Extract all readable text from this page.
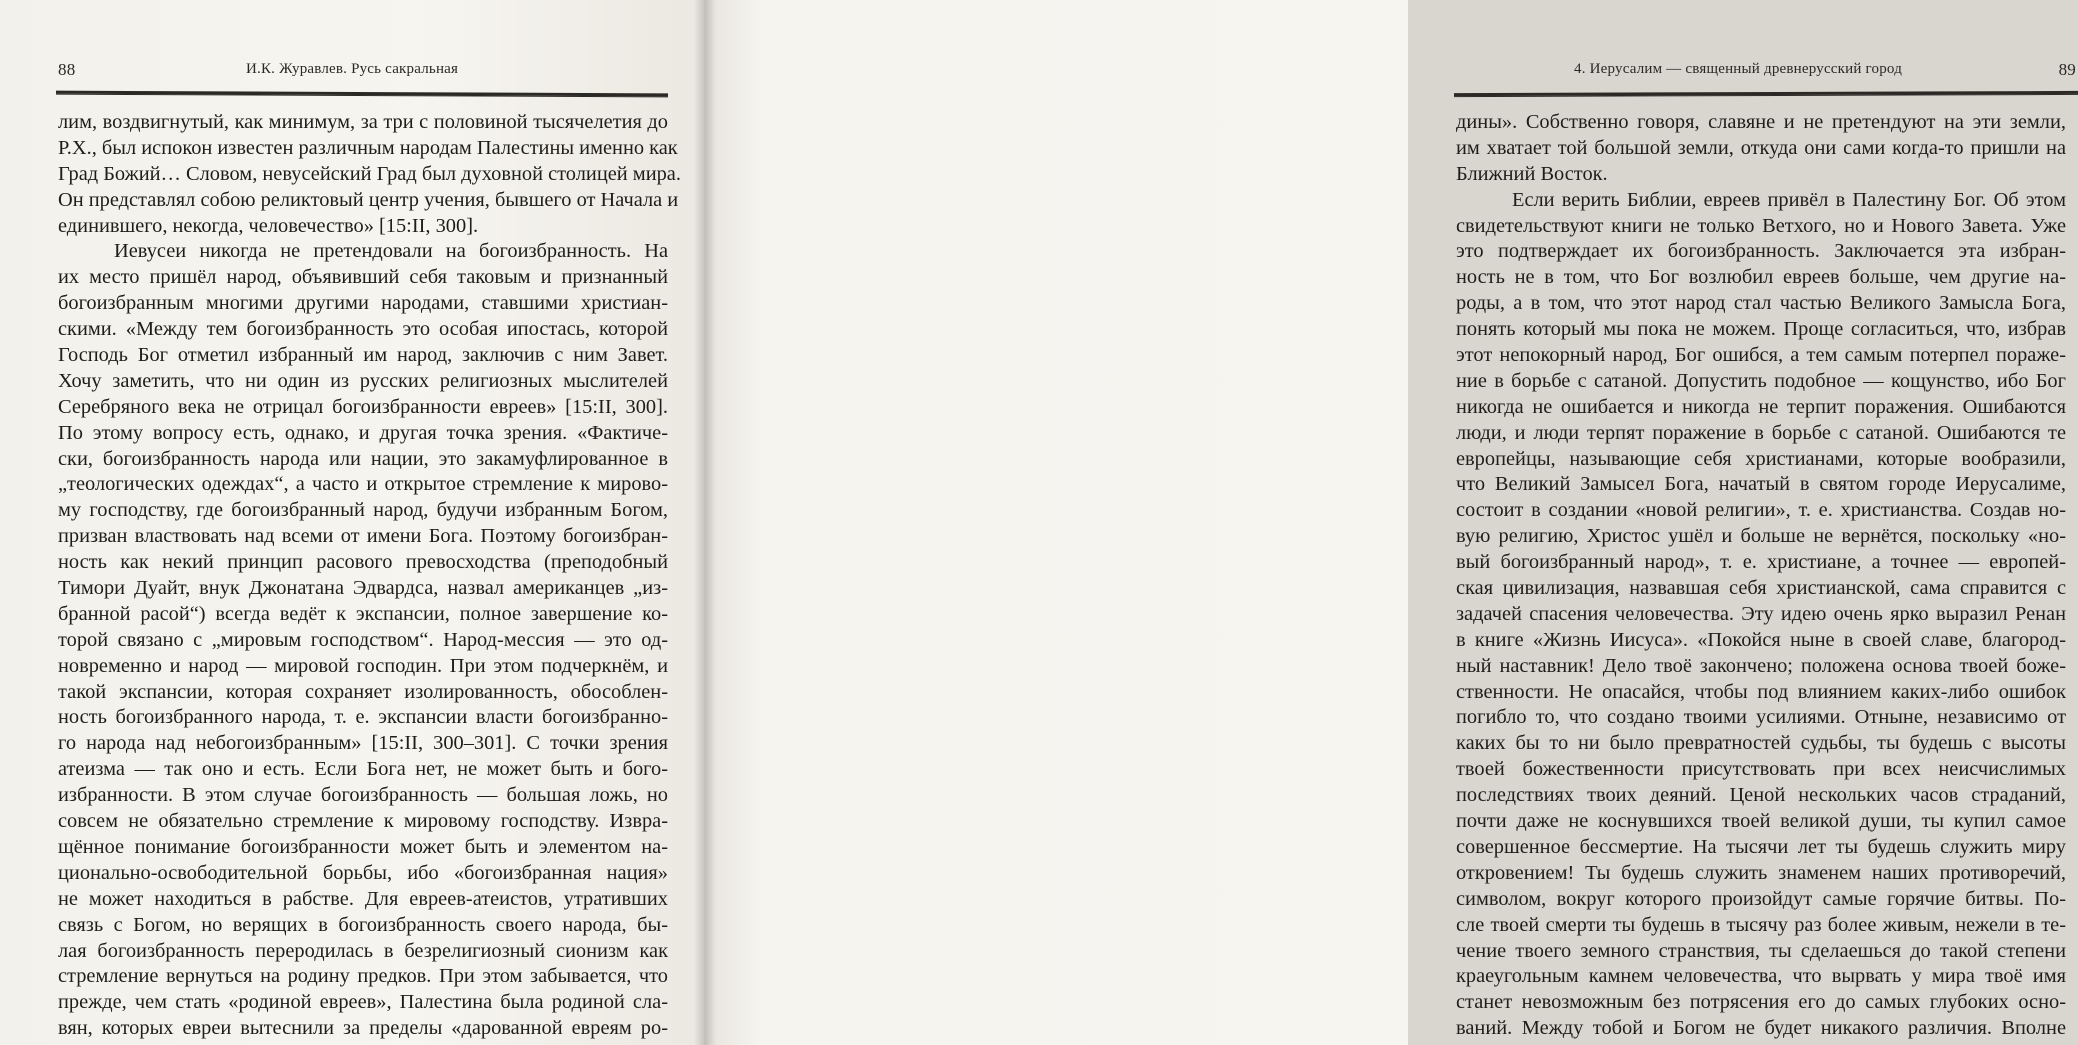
88	И.К. Журавлев. Русь сакральная
лим, воздвигнутый, как минимум, за три с половиной тысячелетия до
Р.Х., был испокон известен различным народам Палестины именно как
Град Божий… Словом, невусейский Град был духовной столицей мира.
Он представлял собою реликтовый центр учения, бывшего от Начала и
единившего, некогда, человечество» [15:II, 300].
Иевусеи никогда не претендовали на богоизбранность. На
их место пришёл народ, объявивший себя таковым и признанный
богоизбранным многими другими народами, ставшими христиан-
скими. «Между тем богоизбранность это особая ипостась, которой
Господь Бог отметил избранный им народ, заключив с ним Завет.
Хочу заметить, что ни один из русских религиозных мыслителей
Серебряного века не отрицал богоизбранности евреев» [15:II, 300].
По этому вопросу есть, однако, и другая точка зрения. «Фактиче-
ски, богоизбранность народа или нации, это закамуфлированное в
„теологических одеждах“, а часто и открытое стремление к мирово-
му господству, где богоизбранный народ, будучи избранным Богом,
призван властвовать над всеми от имени Бога. Поэтому богоизбран-
ность как некий принцип расового превосходства (преподобный
Тимори Дуайт, внук Джонатана Эдвардса, назвал американцев „из-
бранной расой“) всегда ведёт к экспансии, полное завершение ко-
торой связано с „мировым господством“. Народ-мессия — это од-
новременно и народ — мировой господин. При этом подчеркнём, и
такой экспансии, которая сохраняет изолированность, обособлен-
ность богоизбранного народа, т. е. экспансии власти богоизбранно-
го народа над небогоизбранным» [15:II, 300–301]. С точки зрения
атеизма — так оно и есть. Если Бога нет, не может быть и бого-
избранности. В этом случае богоизбранность — большая ложь, но
совсем не обязательно стремление к мировому господству. Извра-
щённое понимание богоизбранности может быть и элементом на-
ционально-освободительной борьбы, ибо «богоизбранная нация»
не может находиться в рабстве. Для евреев-атеистов, утративших
связь с Богом, но верящих в богоизбранность своего народа, бы-
лая богоизбранность переродилась в безрелигиозный сионизм как
стремление вернуться на родину предков. При этом забывается, что
прежде, чем стать «родиной евреев», Палестина была родиной сла-
вян, которых евреи вытеснили за пределы «дарованной евреям ро-
4. Иерусалим — священный древнерусский город	89
дины». Собственно говоря, славяне и не претендуют на эти земли,
им хватает той большой земли, откуда они сами когда-то пришли на
Ближний Восток.
Если верить Библии, евреев привёл в Палестину Бог. Об этом
свидетельствуют книги не только Ветхого, но и Нового Завета. Уже
это подтверждает их богоизбранность. Заключается эта избран-
ность не в том, что Бог возлюбил евреев больше, чем другие на-
роды, а в том, что этот народ стал частью Великого Замысла Бога,
понять который мы пока не можем. Проще согласиться, что, избрав
этот непокорный народ, Бог ошибся, а тем самым потерпел пораже-
ние в борьбе с сатаной. Допустить подобное — кощунство, ибо Бог
никогда не ошибается и никогда не терпит поражения. Ошибаются
люди, и люди терпят поражение в борьбе с сатаной. Ошибаются те
европейцы, называющие себя христианами, которые вообразили,
что Великий Замысел Бога, начатый в святом городе Иерусалиме,
состоит в создании «новой религии», т. е. христианства. Создав но-
вую религию, Христос ушёл и больше не вернётся, поскольку «но-
вый богоизбранный народ», т. е. христиане, а точнее — европей-
ская цивилизация, назвавшая себя христианской, сама справится с
задачей спасения человечества. Эту идею очень ярко выразил Ренан
в книге «Жизнь Иисуса». «Покойся ныне в своей славе, благород-
ный наставник! Дело твоё закончено; положена основа твоей боже-
ственности. Не опасайся, чтобы под влиянием каких-либо ошибок
погибло то, что создано твоими усилиями. Отныне, независимо от
каких бы то ни было превратностей судьбы, ты будешь с высоты
твоей божественности присутствовать при всех неисчислимых
последствиях твоих деяний. Ценой нескольких часов страданий,
почти даже не коснувшихся твоей великой души, ты купил самое
совершенное бессмертие. На тысячи лет ты будешь служить миру
откровением! Ты будешь служить знаменем наших противоречий,
символом, вокруг которого произойдут самые горячие битвы. По-
сле твоей смерти ты будешь в тысячу раз более живым, нежели в те-
чение твоего земного странствия, ты сделаешься до такой степени
краеугольным камнем человечества, что вырвать у мира твоё имя
станет невозможным без потрясения его до самых глубоких осно-
ваний. Между тобой и Богом не будет никакого различия. Вполне
